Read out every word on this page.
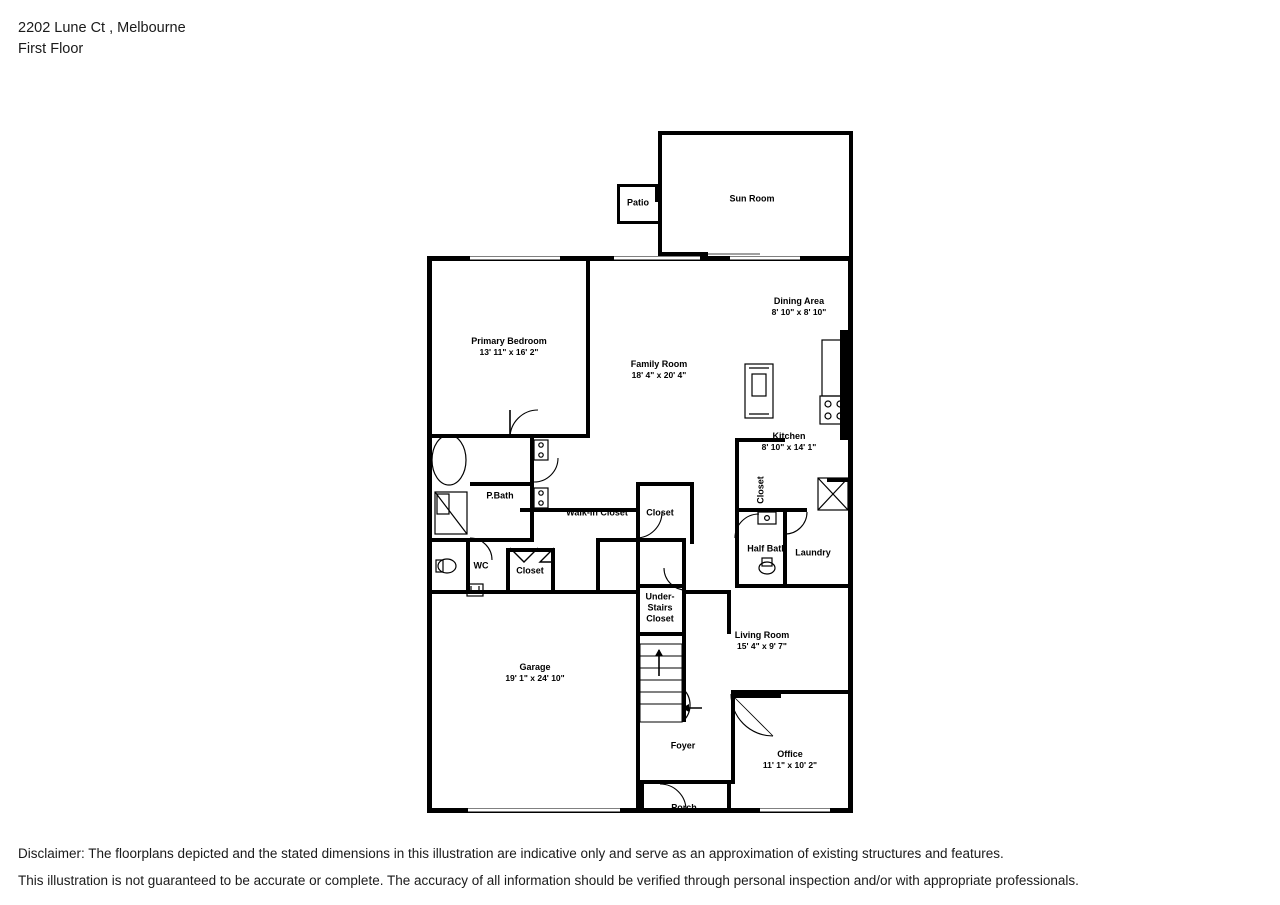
2202 Lune Ct , Melbourne
First Floor
Sun Room
Patio
Primary Bedroom
13' 11" x 16' 2"
Family Room
18' 4" x 20' 4"
Dining Area
8' 10" x 8' 10"
Kitchen
8' 10" x 14' 1"
P.Bath
Walk-In Closet Closet
Closet
Half Bath Laundry
WC	Closet
Under-Stairs Closet
Garage
19' 1" x 24' 10"
Living Room
15' 4" x 9' 7"
Foyer
Office
11' 1" x 10' 2"
Porch
Disclaimer: The floorplans depicted and the stated dimensions in this illustration are indicative only and serve as an approximation of existing structures and features.
This illustration is not guaranteed to be accurate or complete. The accuracy of all information should be verified through personal inspection and/or with appropriate professionals.
